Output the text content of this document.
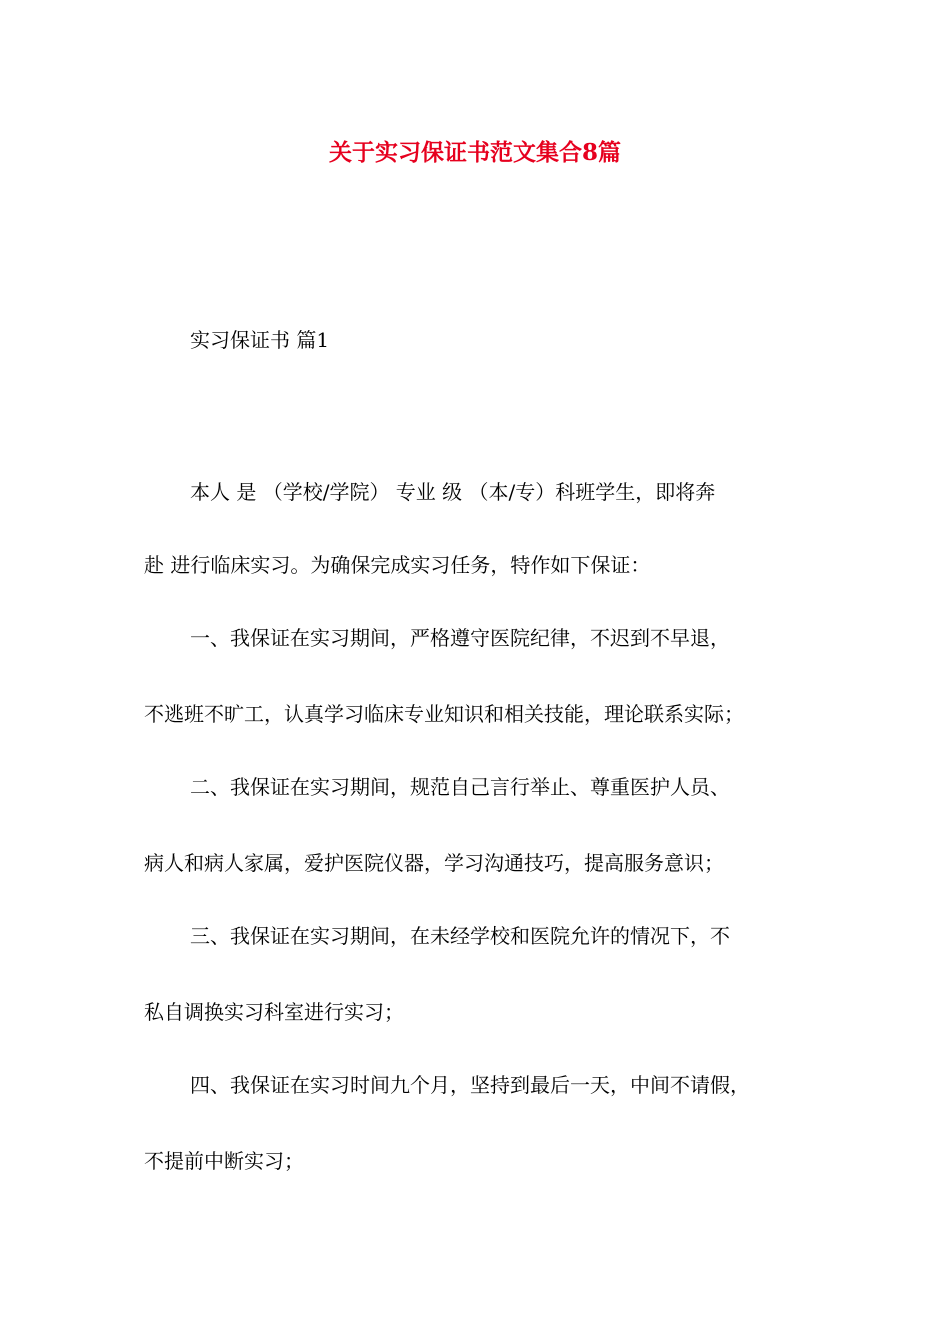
关于实习保证书范文集合8篇
实习保证书 篇1
本人 是 （学校/学院） 专业 级 （本/专）科班学生，即将奔
赴 进行临床实习。为确保完成实习任务，特作如下保证：
一、我保证在实习期间，严格遵守医院纪律，不迟到不早退，
不逃班不旷工，认真学习临床专业知识和相关技能，理论联系实际；
二、我保证在实习期间，规范自己言行举止、尊重医护人员、
病人和病人家属，爱护医院仪器，学习沟通技巧，提高服务意识；
三、我保证在实习期间，在未经学校和医院允许的情况下，不
私自调换实习科室进行实习；
四、我保证在实习时间九个月，坚持到最后一天，中间不请假，
不提前中断实习；
